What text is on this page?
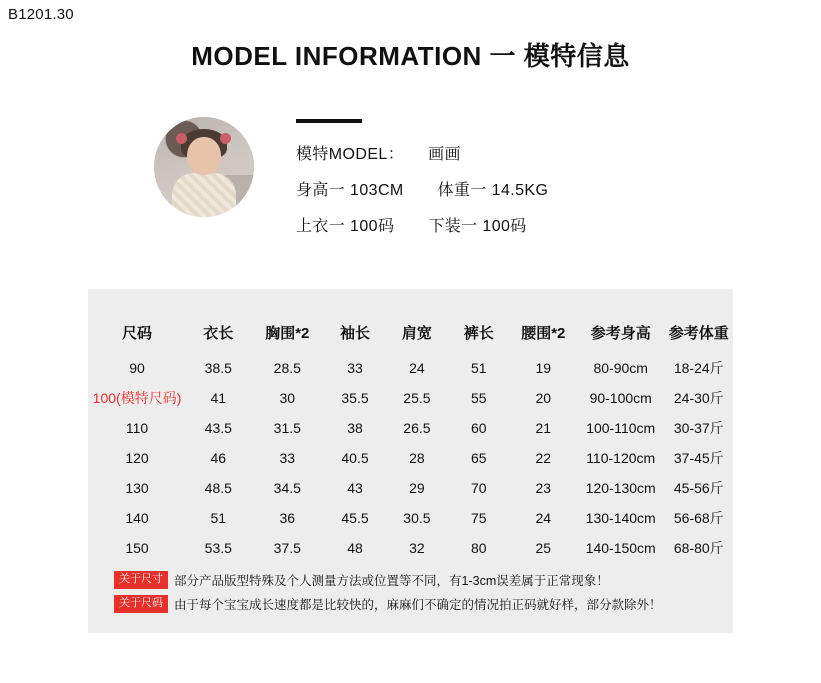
B1201.30
MODEL INFORMATION 一 模特信息
模特MODEL： 画画
身高一 103CM 体重一 14.5KG
上衣一 100码 下装一 100码
尺码	衣长	胸围*2	袖长	肩宽	裤长	腰围*2	参考身高	参考体重
90	38.5	28.5	33	24	51	19	80-90cm	18-24斤
100(模特尺码)	41	30	35.5	25.5	55	20	90-100cm	24-30斤
110	43.5	31.5	38	26.5	60	21	100-110cm	30-37斤
120	46	33	40.5	28	65	22	110-120cm	37-45斤
130	48.5	34.5	43	29	70	23	120-130cm	45-56斤
140	51	36	45.5	30.5	75	24	130-140cm	56-68斤
150	53.5	37.5	48	32	80	25	140-150cm	68-80斤
关于尺寸 部分产品版型特殊及个人测量方法或位置等不同，有1-3cm误差属于正常现象！
关于尺码 由于每个宝宝成长速度都是比较快的，麻麻们不确定的情况拍正码就好样，部分款除外！
